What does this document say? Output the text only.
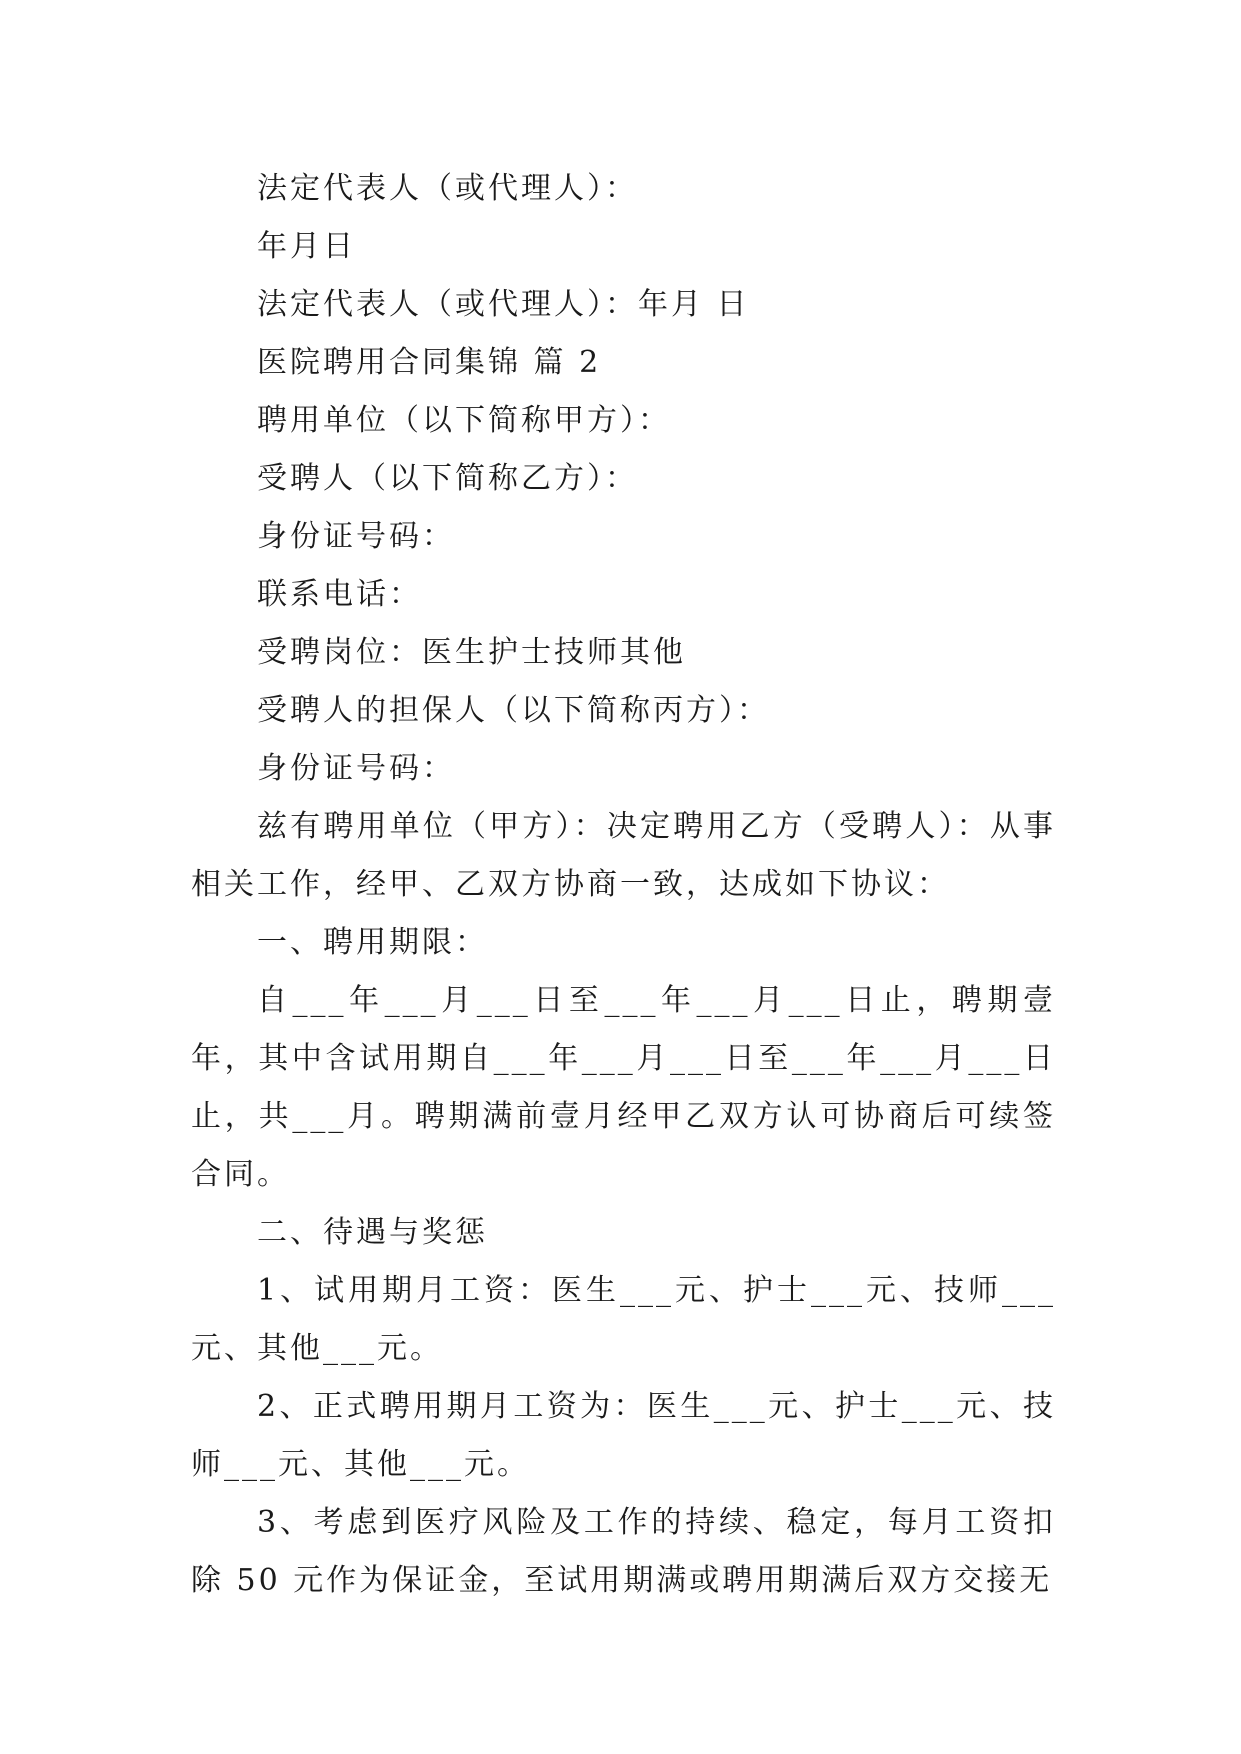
法定代表人（或代理人）：

年月日

法定代表人（或代理人）：年月 日

医院聘用合同集锦 篇 2

聘用单位（以下简称甲方）：

受聘人（以下简称乙方）：

身份证号码：

联系电话：

受聘岗位：医生护士技师其他

受聘人的担保人（以下简称丙方）：

身份证号码：

兹有聘用单位（甲方）：决定聘用乙方（受聘人）：从事相关工作，经甲、乙双方协商一致，达成如下协议：

一、聘用期限：

自___年___月___日至___年___月___日止，聘期壹年，其中含试用期自___年___月___日至___年___月___日止，共___月。聘期满前壹月经甲乙双方认可协商后可续签合同。

二、待遇与奖惩

1、试用期月工资：医生___元、护士___元、技师___元、其他___元。

2、正式聘用期月工资为：医生___元、护士___元、技师___元、其他___元。

3、考虑到医疗风险及工作的持续、稳定，每月工资扣除 50 元作为保证金，至试用期满或聘用期满后双方交接无
